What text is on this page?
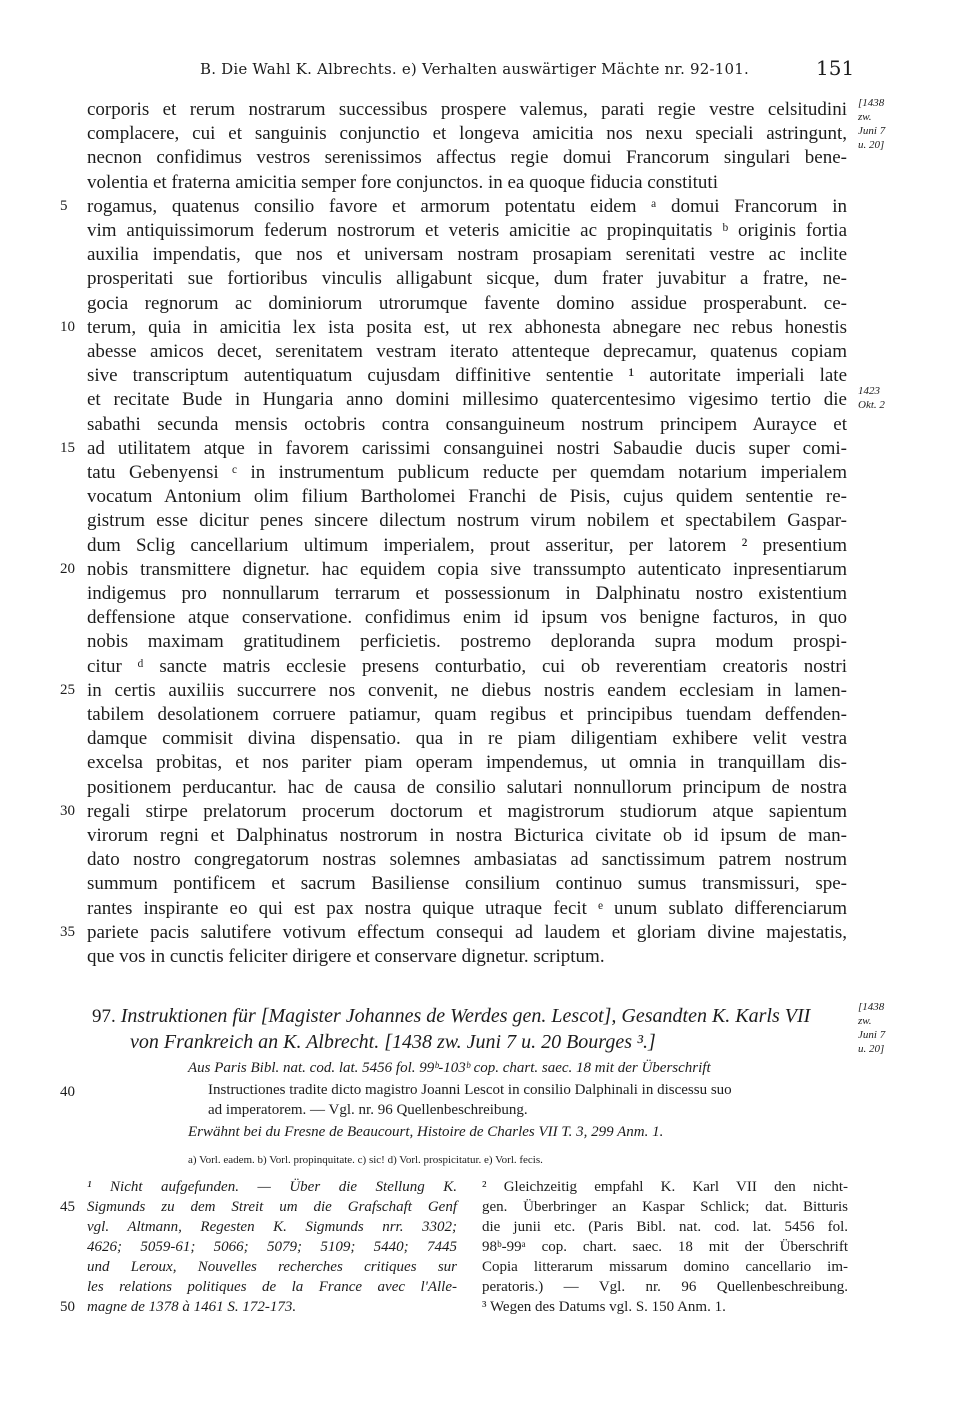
B. Die Wahl K. Albrechts. e) Verhalten auswärtiger Mächte nr. 92-101.	151
corporis et rerum nostrarum successibus prospere valemus, parati regie vestre celsitudini
complacere, cui et sanguinis conjunctio et longeva amicitia nos nexu speciali astringunt,
necnon confidimus vestros serenissimos affectus regie domui Francorum singulari bene-
volentia et fraterna amicitia semper fore conjunctos. in ea quoque fiducia constituti
rogamus, quatenus consilio favore et armorum potentatu eidem ᵃ domui Francorum in
5
vim antiquissimorum federum nostrorum et veteris amicitie ac propinquitatis ᵇ originis fortia
auxilia impendatis, que nos et universam nostram prosapiam serenitati vestre ac inclite
prosperitati sue fortioribus vinculis alligabunt sicque, dum frater juvabitur a fratre, ne-
gocia regnorum ac dominiorum utrorumque favente domino assidue prosperabunt. ce-
terum, quia in amicitia lex ista posita est, ut rex abhonesta abnegare nec rebus honestis
10
abesse amicos decet, serenitatem vestram iterato attenteque deprecamur, quatenus copiam
sive transcriptum autentiquatum cujusdam diffinitive sententie ¹ autoritate imperiali late
et recitate Bude in Hungaria anno domini millesimo quatercentesimo vigesimo tertio die
sabathi secunda mensis octobris contra consanguineum nostrum principem Aurayce et
ad utilitatem atque in favorem carissimi consanguinei nostri Sabaudie ducis super comi-
15
tatu Gebenyensi ᶜ in instrumentum publicum reducte per quemdam notarium imperialem
vocatum Antonium olim filium Bartholomei Franchi de Pisis, cujus quidem sententie re-
gistrum esse dicitur penes sincere dilectum nostrum virum nobilem et spectabilem Gaspar-
dum Sclig cancellarium ultimum imperialem, prout asseritur, per latorem ² presentium
nobis transmittere dignetur. hac equidem copia sive transsumpto autenticato inpresentiarum
20
indigemus pro nonnullarum terrarum et possessionum in Dalphinatu nostro existentium
deffensione atque conservatione. confidimus enim id ipsum vos benigne facturos, in quo
nobis maximam gratitudinem perficietis. postremo deploranda supra modum prospi-
citur ᵈ sancte matris ecclesie presens conturbatio, cui ob reverentiam creatoris nostri
in certis auxiliis succurrere nos convenit, ne diebus nostris eandem ecclesiam in lamen-
25
tabilem desolationem corruere patiamur, quam regibus et principibus tuendam deffenden-
damque commisit divina dispensatio. qua in re piam diligentiam exhibere velit vestra
excelsa probitas, et nos pariter piam operam impendemus, ut omnia in tranquillam dis-
positionem perducantur. hac de causa de consilio salutari nonnullorum principum de nostra
regali stirpe prelatorum procerum doctorum et magistrorum studiorum atque sapientum
30
virorum regni et Dalphinatus nostrorum in nostra Bicturica civitate ob id ipsum de man-
dato nostro congregatorum nostras solemnes ambasiatas ad sanctissimum patrem nostrum
summum pontificem et sacrum Basiliense consilium continuo sumus transmissuri, spe-
rantes inspirante eo qui est pax nostra quique utraque fecit ᵉ unum sublato differenciarum
pariete pacis salutifere votivum effectum consequi ad laudem et gloriam divine majestatis,
35
que vos in cunctis feliciter dirigere et conservare dignetur. scriptum.
[1438
zw.
Juni 7
u. 20]
1423
Okt. 2
[1438
zw.
Juni 7
u. 20]
97. Instruktionen für [Magister Johannes de Werdes gen. Lescot], Gesandten K. Karls VII
von Frankreich an K. Albrecht. [1438 zw. Juni 7 u. 20 Bourges ³.]
Aus Paris Bibl. nat. cod. lat. 5456 fol. 99ᵇ-103ᵇ cop. chart. saec. 18 mit der Überschrift
Instructiones tradite dicto magistro Joanni Lescot in consilio Dalphinali in discessu suo
40
ad imperatorem. — Vgl. nr. 96 Quellenbeschreibung.
Erwähnt bei du Fresne de Beaucourt, Histoire de Charles VII T. 3, 299 Anm. 1.
a) Vorl. eadem. b) Vorl. propinquitate. c) sic! d) Vorl. prospicitatur. e) Vorl. fecis.
¹ Nicht aufgefunden. — Über die Stellung K.
Sigmunds zu dem Streit um die Grafschaft Genf
vgl. Altmann, Regesten K. Sigmunds nrr. 3302;
4626; 5059-61; 5066; 5079; 5109; 5440; 7445
und Leroux, Nouvelles recherches critiques sur
les relations politiques de la France avec l'Alle-
magne de 1378 à 1461 S. 172-173.
45
50
² Gleichzeitig empfahl K. Karl VII den nicht-
gen. Überbringer an Kaspar Schlick; dat. Bitturis
die junii etc. (Paris Bibl. nat. cod. lat. 5456 fol.
98ᵇ-99ᵃ cop. chart. saec. 18 mit der Überschrift
Copia litterarum missarum domino cancellario im-
peratoris.) — Vgl. nr. 96 Quellenbeschreibung.
³ Wegen des Datums vgl. S. 150 Anm. 1.
